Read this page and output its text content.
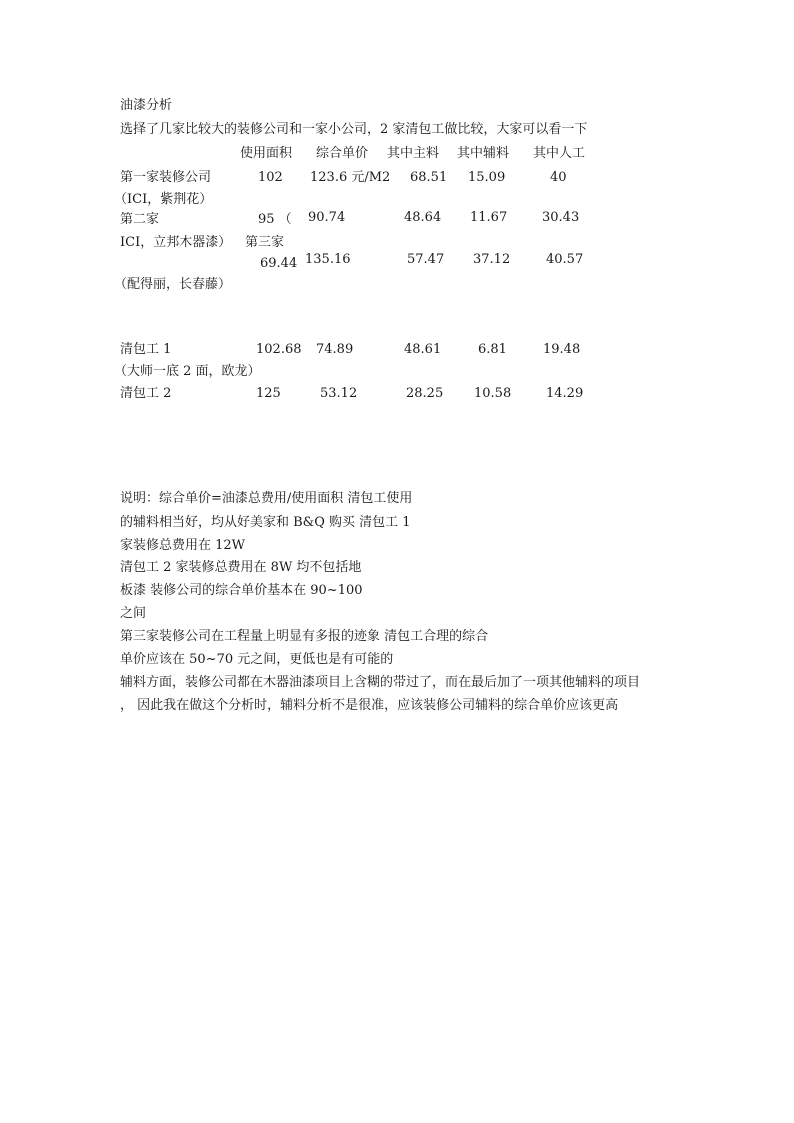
油漆分析
选择了几家比较大的装修公司和一家小公司，2 家清包工做比较，大家可以看一下
使用面积 综合单价 其中主料 其中辅料 其中人工
第一家装修公司	102 123.6 元/M2 68.51 15.09	40
（ICI，紫荆花）
第二家	95 （ 90.74	48.64 11.67	30.43
ICI，立邦木器漆） 第三家
69.44 135.16	57.47 37.12	40.57
（配得丽，长春藤）
清包工 1	102.68 74.89	48.61	6.81	19.48
（大师一底 2 面，欧龙）
清包工 2	125	53.12	28.25 10.58	14.29
说明：综合单价=油漆总费用/使用面积 清包工使用
的辅料相当好，均从好美家和 B&Q 购买 清包工 1
家装修总费用在 12W
清包工 2 家装修总费用在 8W 均不包括地
板漆 装修公司的综合单价基本在 90~100
之间
第三家装修公司在工程量上明显有多报的迹象 清包工合理的综合
单价应该在 50~70 元之间，更低也是有可能的
辅料方面，装修公司都在木器油漆项目上含糊的带过了，而在最后加了一项其他辅料的项目
， 因此我在做这个分析时，辅料分析不是很准，应该装修公司辅料的综合单价应该更高
